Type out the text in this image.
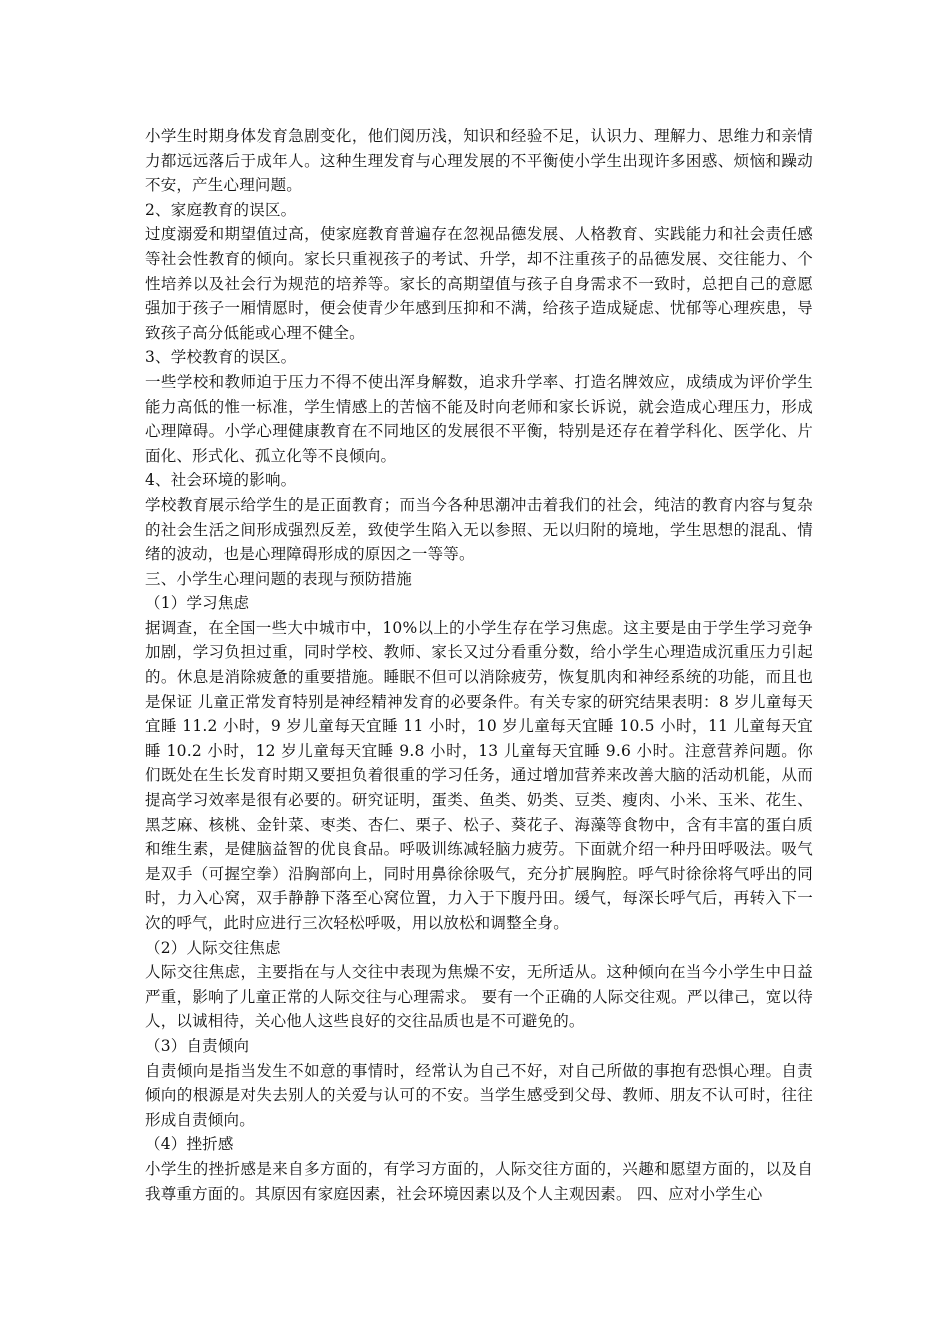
小学生时期身体发育急剧变化，他们阅历浅，知识和经验不足，认识力、理解力、思维力和亲情力都远远落后于成年人。这种生理发育与心理发展的不平衡使小学生出现许多困惑、烦恼和躁动不安，产生心理问题。

2、家庭教育的误区。

过度溺爱和期望值过高，使家庭教育普遍存在忽视品德发展、人格教育、实践能力和社会责任感等社会性教育的倾向。家长只重视孩子的考试、升学，却不注重孩子的品德发展、交往能力、个性培养以及社会行为规范的培养等。家长的高期望值与孩子自身需求不一致时，总把自己的意愿强加于孩子一厢情愿时，便会使青少年感到压抑和不满，给孩子造成疑虑、忧郁等心理疾患，导致孩子高分低能或心理不健全。

3、学校教育的误区。

一些学校和教师迫于压力不得不使出浑身解数，追求升学率、打造名牌效应，成绩成为评价学生能力高低的惟一标准，学生情感上的苦恼不能及时向老师和家长诉说，就会造成心理压力，形成心理障碍。小学心理健康教育在不同地区的发展很不平衡，特别是还存在着学科化、医学化、片面化、形式化、孤立化等不良倾向。

4、社会环境的影响。

学校教育展示给学生的是正面教育；而当今各种思潮冲击着我们的社会，纯洁的教育内容与复杂的社会生活之间形成强烈反差，致使学生陷入无以参照、无以归附的境地，学生思想的混乱、情绪的波动，也是心理障碍形成的原因之一等等。

三、小学生心理问题的表现与预防措施

（1）学习焦虑

据调查，在全国一些大中城市中，10%以上的小学生存在学习焦虑。这主要是由于学生学习竞争加剧，学习负担过重，同时学校、教师、家长又过分看重分数，给小学生心理造成沉重压力引起的。休息是消除疲惫的重要措施。睡眠不但可以消除疲劳，恢复肌肉和神经系统的功能，而且也是保证 儿童正常发育特别是神经精神发育的必要条件。有关专家的研究结果表明：8 岁儿童每天宜睡 11.2 小时，9 岁儿童每天宜睡 11 小时，10 岁儿童每天宜睡 10.5 小时，11 儿童每天宜睡 10.2 小时，12 岁儿童每天宜睡 9.8 小时，13 儿童每天宜睡 9.6 小时。注意营养问题。你们既处在生长发育时期又要担负着很重的学习任务，通过增加营养来改善大脑的活动机能，从而提高学习效率是很有必要的。研究证明，蛋类、鱼类、奶类、豆类、瘦肉、小米、玉米、花生、黑芝麻、核桃、金针菜、枣类、杏仁、栗子、松子、葵花子、海藻等食物中，含有丰富的蛋白质和维生素，是健脑益智的优良食品。呼吸训练减轻脑力疲劳。下面就介绍一种丹田呼吸法。吸气是双手（可握空拳）沿胸部向上，同时用鼻徐徐吸气，充分扩展胸腔。呼气时徐徐将气呼出的同时，力入心窝，双手静静下落至心窝位置，力入于下腹丹田。缓气，每深长呼气后，再转入下一次的呼气，此时应进行三次轻松呼吸，用以放松和调整全身。

（2）人际交往焦虑

人际交往焦虑，主要指在与人交往中表现为焦燥不安，无所适从。这种倾向在当今小学生中日益严重，影响了儿童正常的人际交往与心理需求。 要有一个正确的人际交往观。严以律己，宽以待人，以诚相待，关心他人这些良好的交往品质也是不可避免的。

（3）自责倾向

自责倾向是指当发生不如意的事情时，经常认为自己不好，对自己所做的事抱有恐惧心理。自责倾向的根源是对失去别人的关爱与认可的不安。当学生感受到父母、教师、朋友不认可时，往往形成自责倾向。

（4）挫折感

小学生的挫折感是来自多方面的，有学习方面的，人际交往方面的，兴趣和愿望方面的，以及自我尊重方面的。其原因有家庭因素，社会环境因素以及个人主观因素。 四、应对小学生心
